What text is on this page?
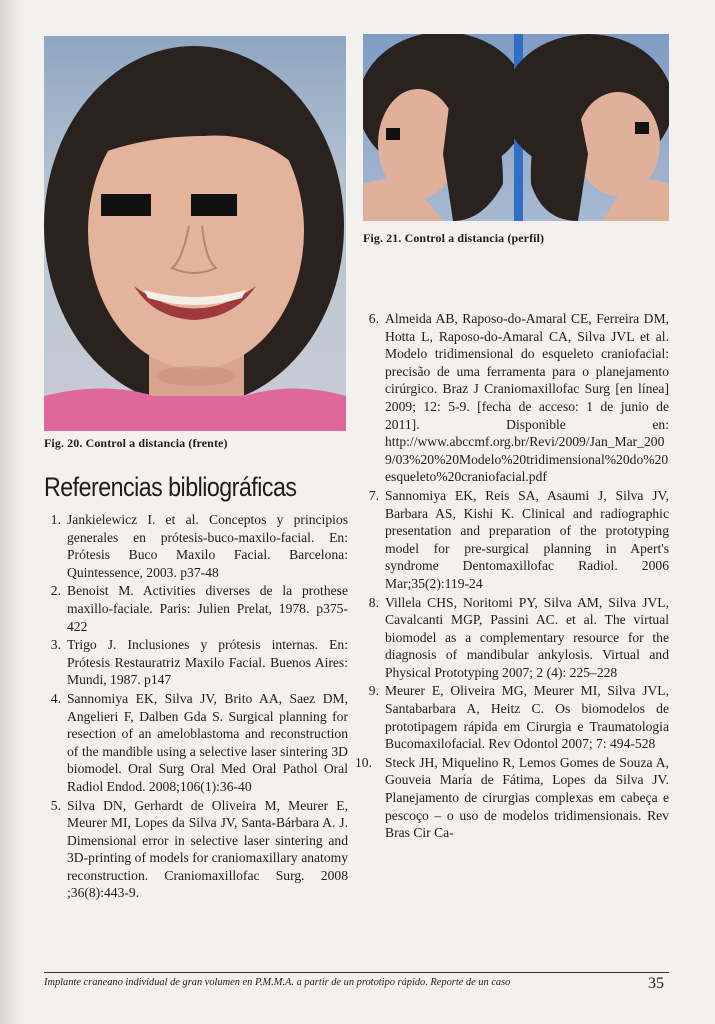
Fig. 20. Control a distancia (frente)
Fig. 21. Control a distancia (perfil)
Referencias bibliográficas
1. Jankielewicz I. et al. Conceptos y principios generales en prótesis-buco-maxilo-facial. En: Prótesis Buco Maxilo Facial. Barcelona: Quintessence, 2003. p37-48
2. Benoist M. Activities diverses de la prothese maxillo-faciale. Paris: Julien Prelat, 1978. p375-422
3. Trigo J. Inclusiones y prótesis internas. En: Prótesis Restauratriz Maxilo Facial. Buenos Aires: Mundi, 1987. p147
4. Sannomiya EK, Silva JV, Brito AA, Saez DM, Angelieri F, Dalben Gda S. Surgical planning for resection of an ameloblastoma and reconstruction of the mandible using a selective laser sintering 3D biomodel. Oral Surg Oral Med Oral Pathol Oral Radiol Endod. 2008;106(1):36-40
5. Silva DN, Gerhardt de Oliveira M, Meurer E, Meurer MI, Lopes da Silva JV, Santa-Bárbara A. J. Dimensional error in selective laser sintering and 3D-printing of models for craniomaxillary anatomy reconstruction. Craniomaxillofac Surg. 2008 ;36(8):443-9.
6. Almeida AB, Raposo-do-Amaral CE, Ferreira DM, Hotta L, Raposo-do-Amaral CA, Silva JVL et al. Modelo tridimensional do esqueleto craniofacial: precisão de uma ferramenta para o planejamento cirúrgico. Braz J Craniomaxillofac Surg [en línea] 2009; 12: 5-9. [fecha de acceso: 1 de junio de 2011]. Disponible en: http://www.abccmf.org.br/Revi/2009/Jan_Mar_2009/03%20%20Modelo%20tridimensional%20do%20esqueleto%20craniofacial.pdf
7. Sannomiya EK, Reis SA, Asaumi J, Silva JV, Barbara AS, Kishi K. Clinical and radiographic presentation and preparation of the prototyping model for pre-surgical planning in Apert's syndrome Dentomaxillofac Radiol. 2006 Mar;35(2):119-24
8. Villela CHS, Noritomi PY, Silva AM, Silva JVL, Cavalcanti MGP, Passini AC. et al. The virtual biomodel as a complementary resource for the diagnosis of mandibular ankylosis. Virtual and Physical Prototyping 2007; 2 (4): 225–228
9. Meurer E, Oliveira MG, Meurer MI, Silva JVL, Santabarbara A, Heitz C. Os biomodelos de prototipagem rápida em Cirurgia e Traumatologia Bucomaxilofacial. Rev Odontol 2007; 7: 494-528
10. Steck JH, Miquelino R, Lemos Gomes de Souza A, Gouveia María de Fátima, Lopes da Silva JV. Planejamento de cirurgias complexas em cabeça e pescoço – o uso de modelos tridimensionais. Rev Bras Cir Ca-
Implante craneano individual de gran volumen en P.M.M.A. a partir de un prototipo rápido. Reporte de un caso	35
